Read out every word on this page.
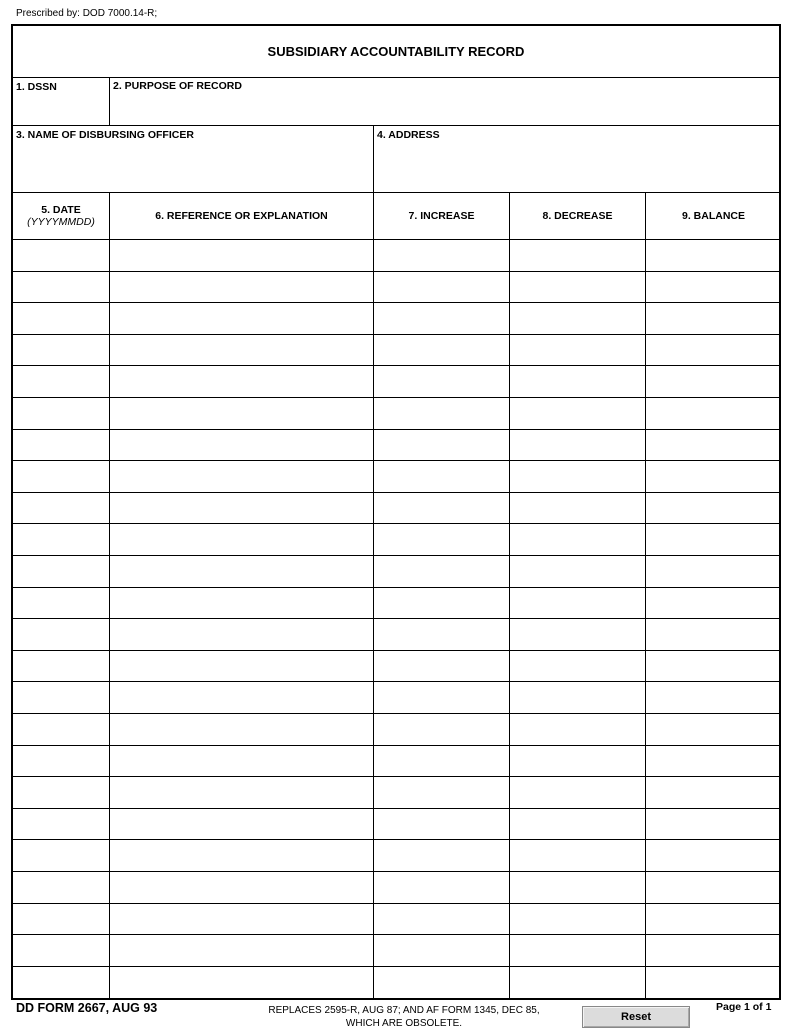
Prescribed by: DOD 7000.14-R;
SUBSIDIARY ACCOUNTABILITY RECORD
1. DSSN	2. PURPOSE OF RECORD
3. NAME OF DISBURSING OFFICER	4. ADDRESS
5. DATE
(YYYYMMDD)	6. REFERENCE OR EXPLANATION	7. INCREASE	8. DECREASE	9. BALANCE
DD FORM 2667, AUG 93	REPLACES 2595-R, AUG 87; AND AF FORM 1345, DEC 85,
WHICH ARE OBSOLETE.
Reset
Page 1 of 1
